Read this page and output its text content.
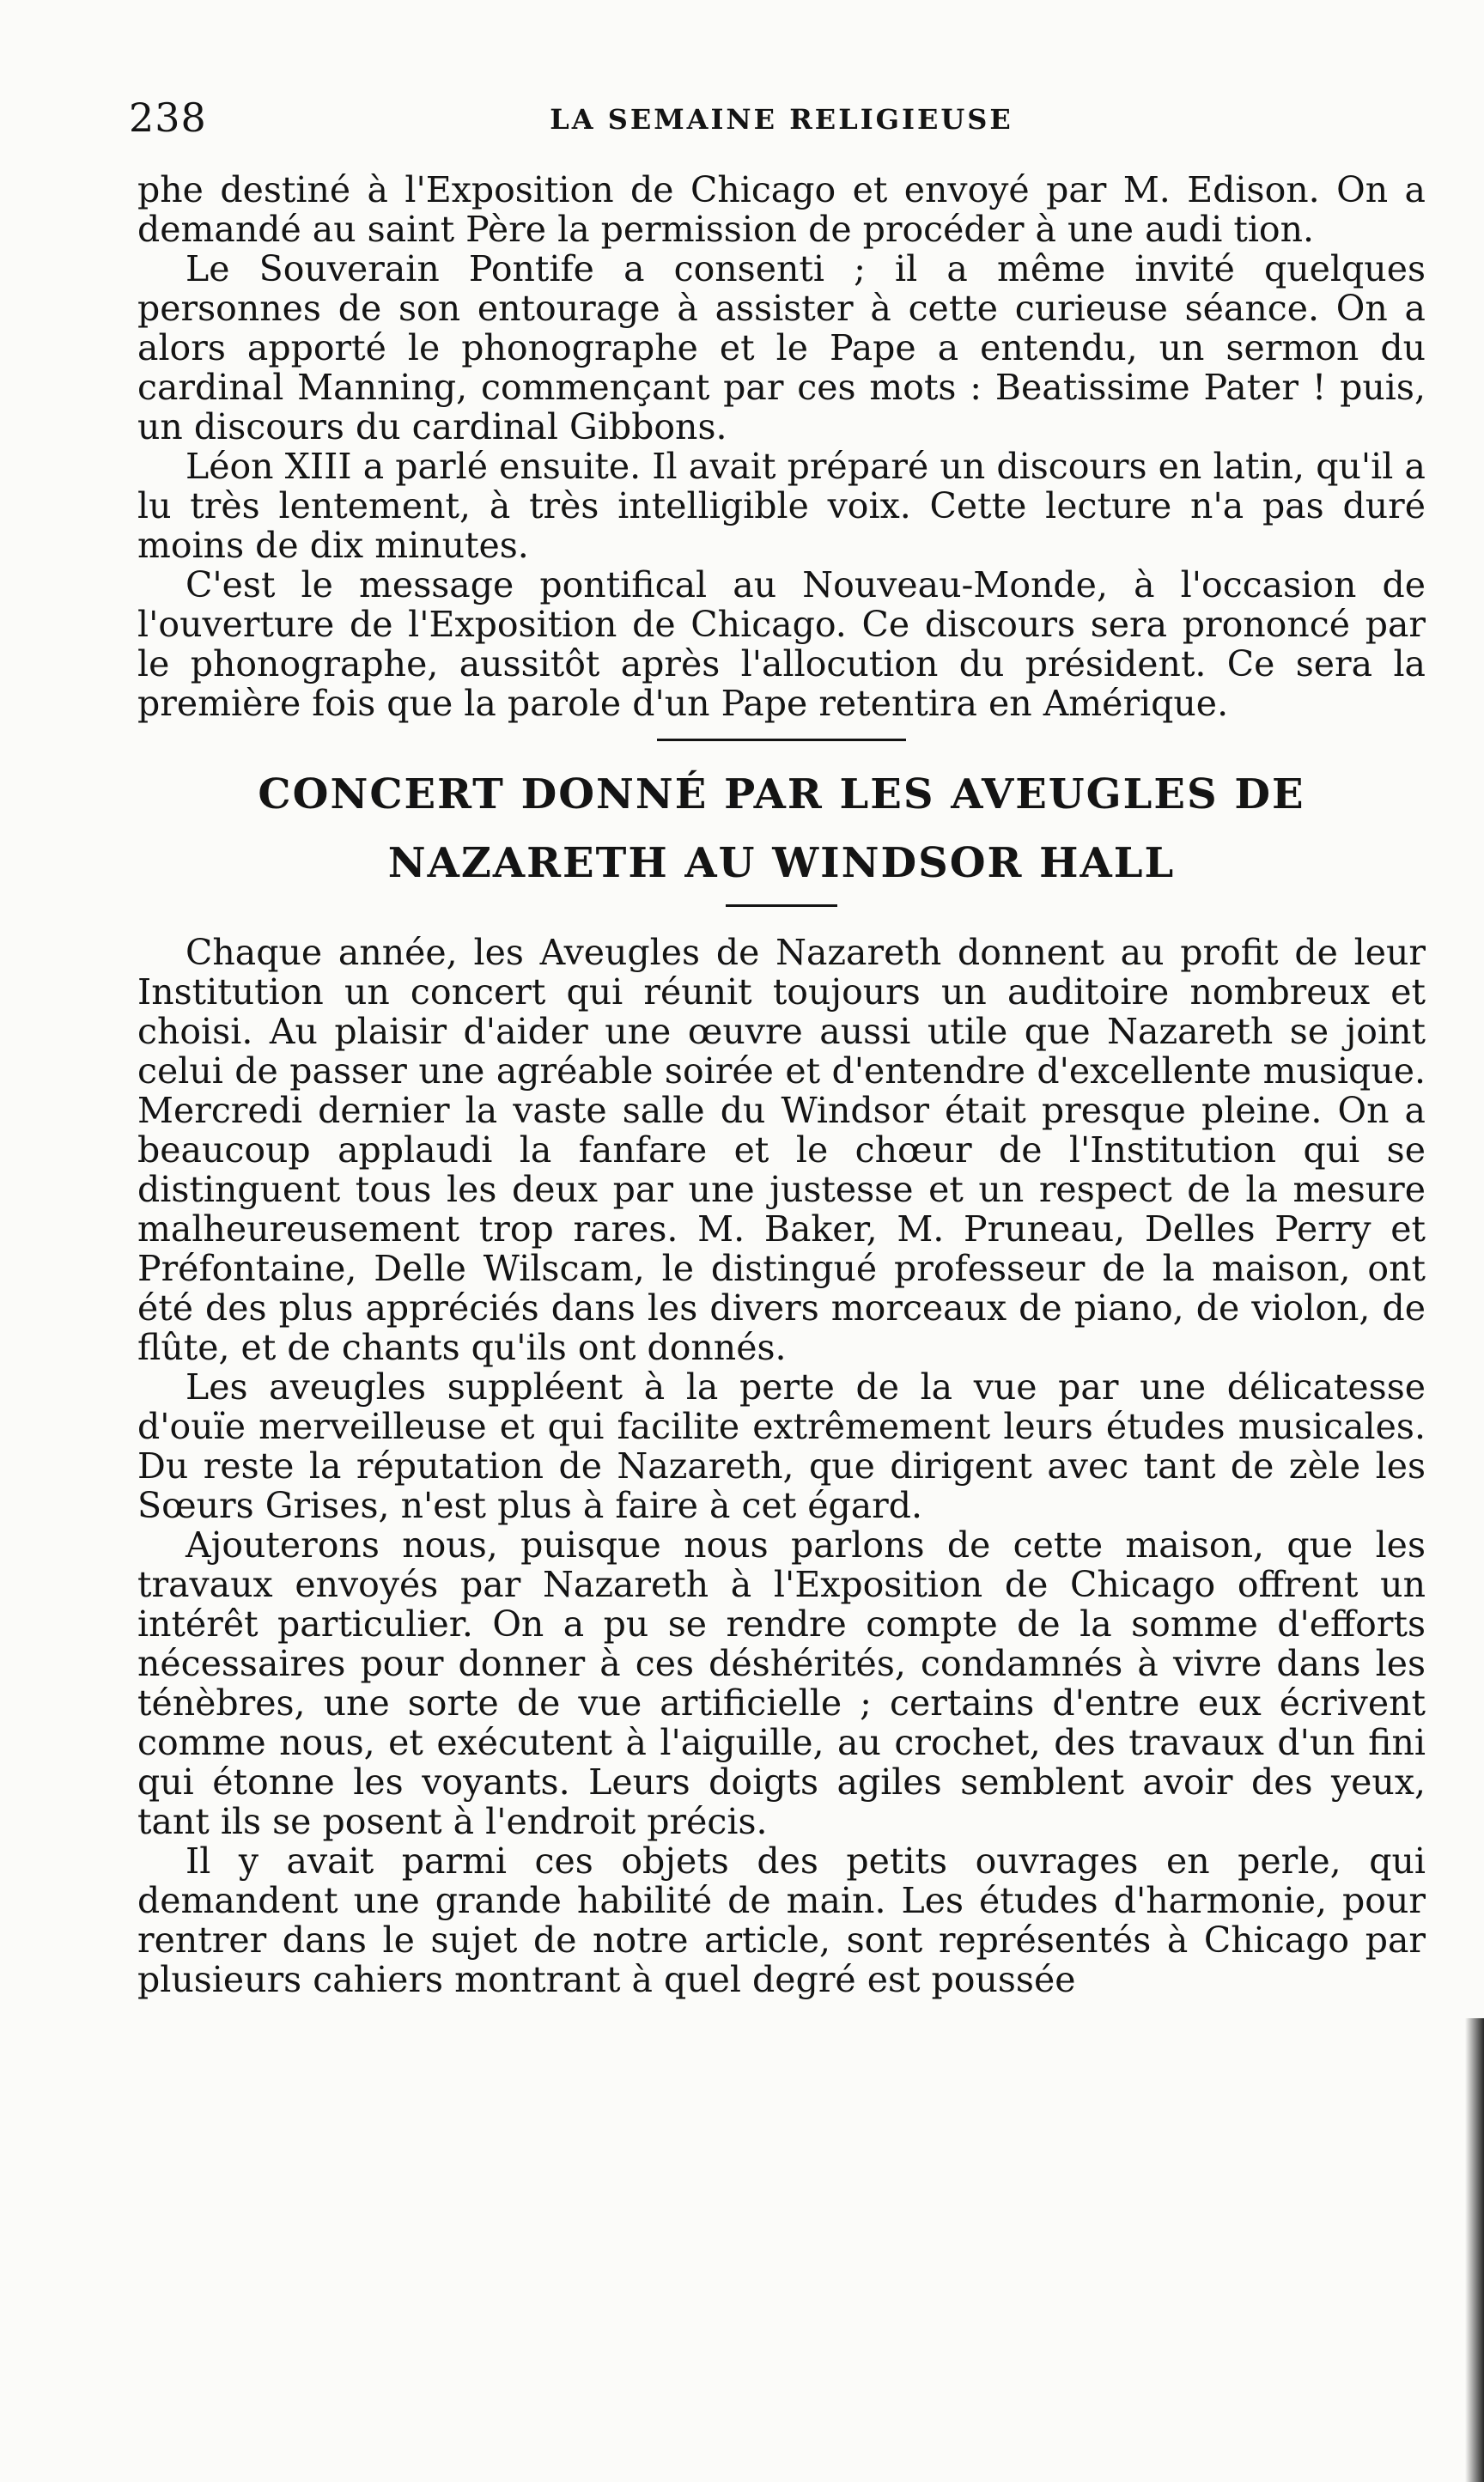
238	LA SEMAINE RELIGIEUSE

phe destiné à l'Exposition de Chicago et envoyé par M. Edison. On a demandé au saint Père la permission de procéder à une audi tion.

Le Souverain Pontife a consenti ; il a même invité quelques personnes de son entourage à assister à cette curieuse séance. On a alors apporté le phonographe et le Pape a entendu, un sermon du cardinal Manning, commençant par ces mots : Beatissime Pater ! puis, un discours du cardinal Gibbons.

Léon XIII a parlé ensuite. Il avait préparé un discours en latin, qu'il a lu très lentement, à très intelligible voix. Cette lecture n'a pas duré moins de dix minutes.

C'est le message pontifical au Nouveau-Monde, à l'occasion de l'ouverture de l'Exposition de Chicago. Ce discours sera prononcé par le phonographe, aussitôt après l'allocution du président. Ce sera la première fois que la parole d'un Pape retentira en Amérique.

CONCERT DONNÉ PAR LES AVEUGLES DE
NAZARETH AU WINDSOR HALL

Chaque année, les Aveugles de Nazareth donnent au profit de leur Institution un concert qui réunit toujours un auditoire nombreux et choisi. Au plaisir d'aider une œuvre aussi utile que Nazareth se joint celui de passer une agréable soirée et d'entendre d'excellente musique. Mercredi dernier la vaste salle du Windsor était presque pleine. On a beaucoup applaudi la fanfare et le chœur de l'Institution qui se distinguent tous les deux par une justesse et un respect de la mesure malheureusement trop rares. M. Baker, M. Pruneau, Delles Perry et Préfontaine, Delle Wilscam, le distingué professeur de la maison, ont été des plus appréciés dans les divers morceaux de piano, de violon, de flûte, et de chants qu'ils ont donnés.

Les aveugles suppléent à la perte de la vue par une délicatesse d'ouïe merveilleuse et qui facilite extrêmement leurs études musicales. Du reste la réputation de Nazareth, que dirigent avec tant de zèle les Sœurs Grises, n'est plus à faire à cet égard.

Ajouterons nous, puisque nous parlons de cette maison, que les travaux envoyés par Nazareth à l'Exposition de Chicago offrent un intérêt particulier. On a pu se rendre compte de la somme d'efforts nécessaires pour donner à ces déshérités, condamnés à vivre dans les ténèbres, une sorte de vue artificielle ; certains d'entre eux écrivent comme nous, et exécutent à l'aiguille, au crochet, des travaux d'un fini qui étonne les voyants. Leurs doigts agiles semblent avoir des yeux, tant ils se posent à l'endroit précis.

Il y avait parmi ces objets des petits ouvrages en perle, qui demandent une grande habilité de main. Les études d'harmonie, pour rentrer dans le sujet de notre article, sont représentés à Chicago par plusieurs cahiers montrant à quel degré est poussée
